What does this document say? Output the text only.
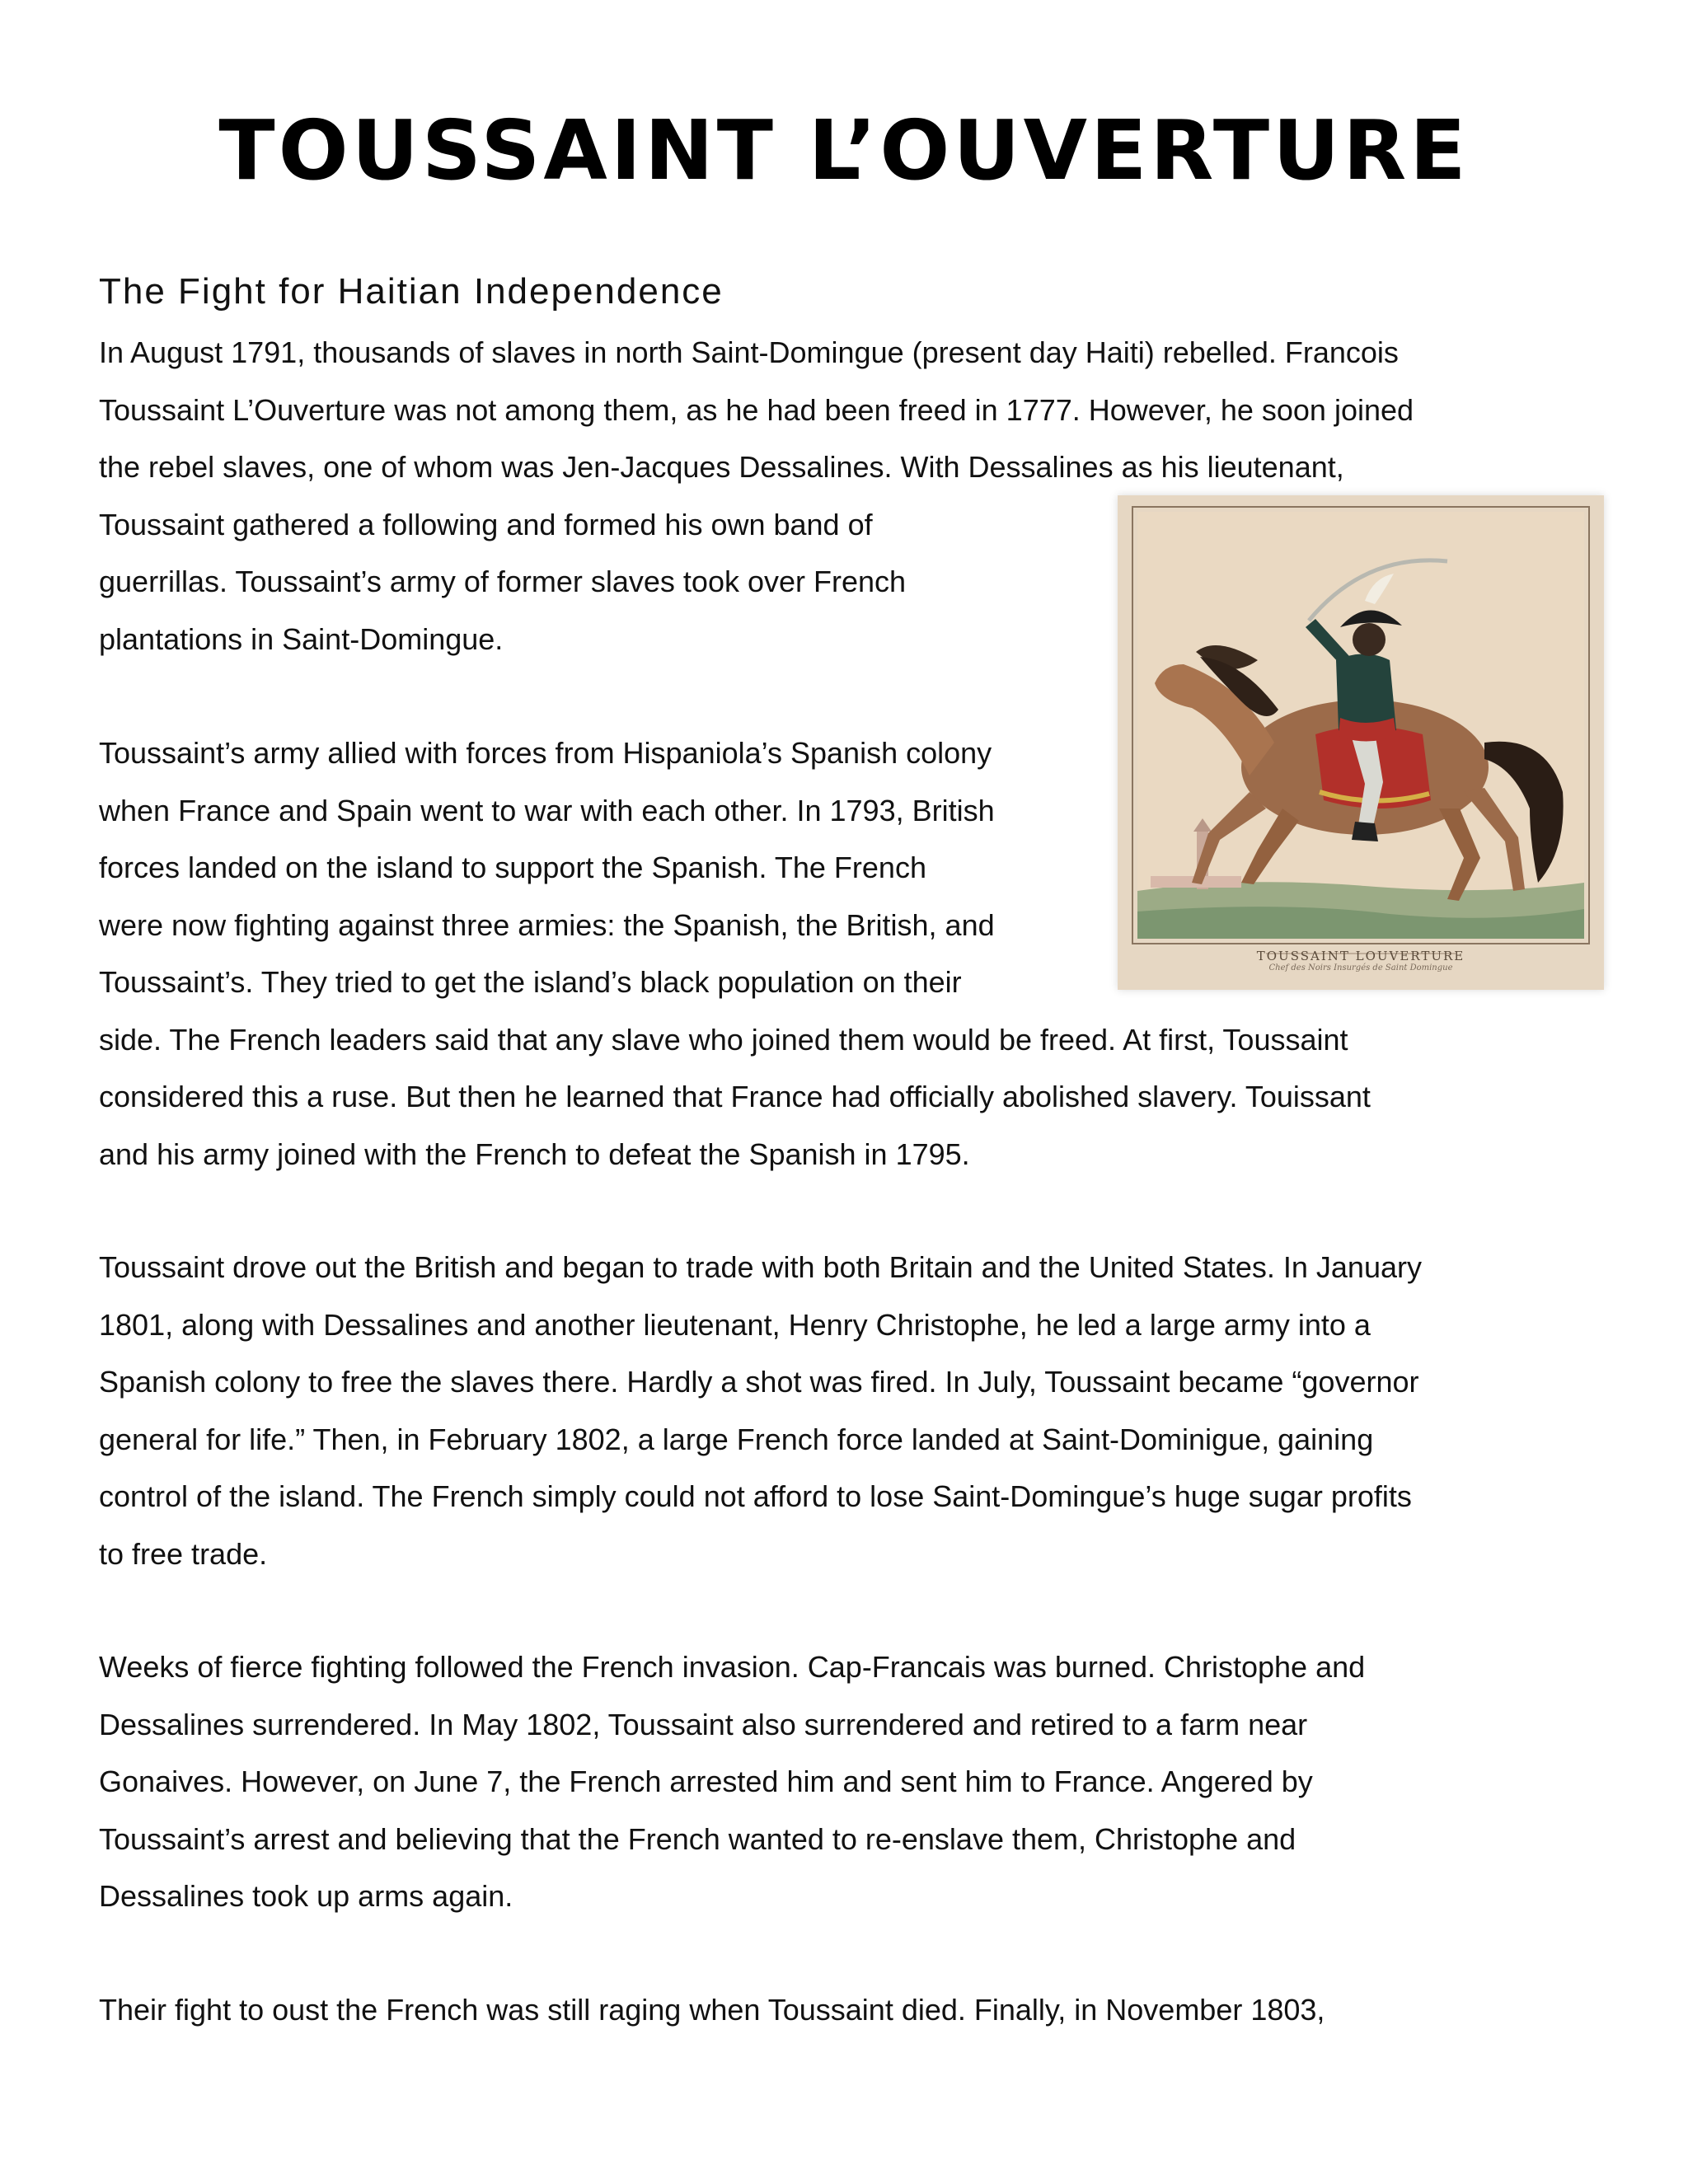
TOUSSAINT L’OUVERTURE
The Fight for Haitian Independence
In August 1791, thousands of slaves in north Saint-Domingue (present day Haiti) rebelled. Francois
Toussaint L’Ouverture was not among them, as he had been freed in 1777. However, he soon joined
the rebel slaves, one of whom was Jen-Jacques Dessalines. With Dessalines as his lieutenant,
Toussaint gathered a following and formed his own band of
guerrillas. Toussaint’s army of former slaves took over French
plantations in Saint-Domingue.
Toussaint’s army allied with forces from Hispaniola’s Spanish colony
when France and Spain went to war with each other. In 1793, British
forces landed on the island to support the Spanish. The French
were now fighting against three armies: the Spanish, the British, and
Toussaint’s. They tried to get the island’s black population on their
side. The French leaders said that any slave who joined them would be freed. At first, Toussaint
considered this a ruse. But then he learned that France had officially abolished slavery. Touissant
and his army joined with the French to defeat the Spanish in 1795.
Toussaint drove out the British and began to trade with both Britain and the United States. In January
1801, along with Dessalines and another lieutenant, Henry Christophe, he led a large army into a
Spanish colony to free the slaves there. Hardly a shot was fired. In July, Toussaint became “governor
general for life.” Then, in February 1802, a large French force landed at Saint-Dominigue, gaining
control of the island. The French simply could not afford to lose Saint-Domingue’s huge sugar profits
to free trade.
Weeks of fierce fighting followed the French invasion. Cap-Francais was burned. Christophe and
Dessalines surrendered. In May 1802, Toussaint also surrendered and retired to a farm near
Gonaives. However, on June 7, the French arrested him and sent him to France. Angered by
Toussaint’s arrest and believing that the French wanted to re-enslave them, Christophe and
Dessalines took up arms again.
Their fight to oust the French was still raging when Toussaint died. Finally, in November 1803,
TOUSSAINT LOUVERTURE
Chef des Noirs Insurgés de Saint Domingue
